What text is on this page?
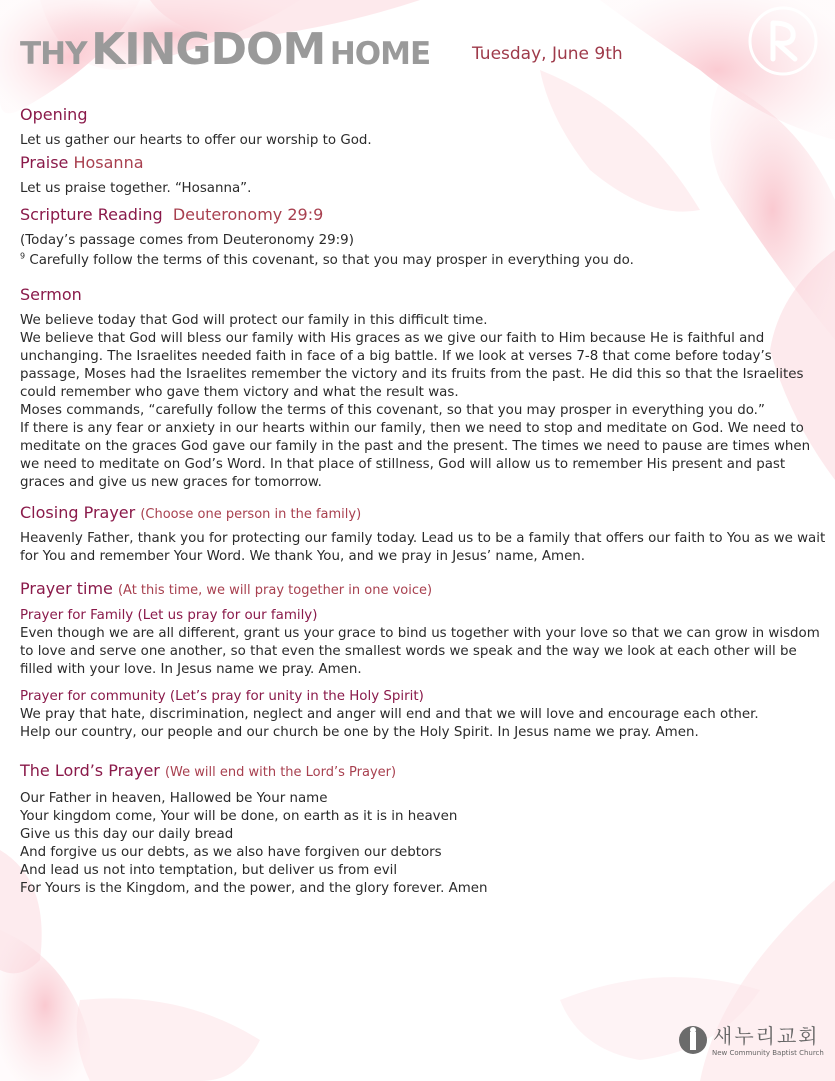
THY KINGDOM HOME Tuesday, June 9th
Opening

Let us gather our hearts to offer our worship to God.

Praise Hosanna

Let us praise together. “Hosanna”.

Scripture Reading Deuteronomy 29:9

(Today’s passage comes from Deuteronomy 29:9)

$^9$ Carefully follow the terms of this covenant, so that you may prosper in everything you do.

Sermon

We believe today that God will protect our family in this difficult time.

We believe that God will bless our family with His graces as we give our faith to Him because He is faithful and unchanging. The Israelites needed faith in face of a big battle. If we look at verses 7-8 that come before today’s passage, Moses had the Israelites remember the victory and its fruits from the past. He did this so that the Israelites could remember who gave them victory and what the result was.

Moses commands, “carefully follow the terms of this covenant, so that you may prosper in everything you do.”

If there is any fear or anxiety in our hearts within our family, then we need to stop and meditate on God. We need to meditate on the graces God gave our family in the past and the present. The times we need to pause are times when we need to meditate on God’s Word. In that place of stillness, God will allow us to remember His present and past graces and give us new graces for tomorrow.

Closing Prayer (Choose one person in the family)

Heavenly Father, thank you for protecting our family today. Lead us to be a family that offers our faith to You as we wait for You and remember Your Word. We thank You, and we pray in Jesus’ name, Amen.

Prayer time (At this time, we will pray together in one voice)
Prayer for Family (Let us pray for our family)

Even though we are all different, grant us your grace to bind us together with your love so that we can grow in wisdom to love and serve one another, so that even the smallest words we speak and the way we look at each other will be filled with your love. In Jesus name we pray. Amen.

Prayer for community (Let’s pray for unity in the Holy Spirit)

We pray that hate, discrimination, neglect and anger will end and that we will love and encourage each other.

Help our country, our people and our church be one by the Holy Spirit. In Jesus name we pray. Amen.

The Lord’s Prayer (We will end with the Lord’s Prayer)
Our Father in heaven, Hallowed be Your name
Your kingdom come, Your will be done, on earth as it is in heaven
Give us this day our daily bread
And forgive us our debts, as we also have forgiven our debtors
And lead us not into temptation, but deliver us from evil
For Yours is the Kingdom, and the power, and the glory forever. Amen
새누리교회
New Community Baptist Church
